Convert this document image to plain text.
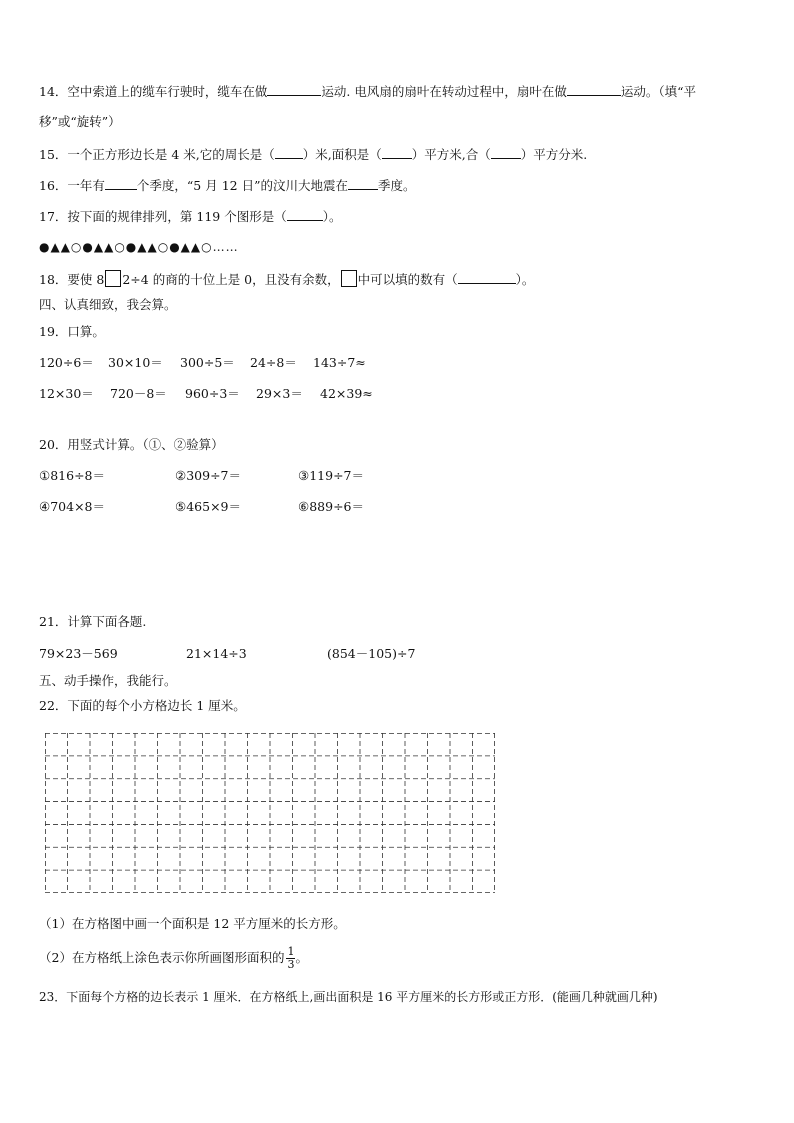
14．空中索道上的缆车行驶时，缆车在做	运动. 电风扇的扇叶在转动过程中，扇叶在做	运动。（填“平
移”或“旋转”）
15．一个正方形边长是 4 米,它的周长是（ ）米,面积是（ ）平方米,合（ ）平方分米.
16．一年有	个季度，“5 月 12 日”的汶川大地震在 季度。
17．按下面的规律排列，第 119 个图形是（	）。
●▲▲○●▲▲○●▲▲○●▲▲○……
18．要使 8 2÷4 的商的十位上是 0，且没有余数， 中可以填的数有（	）。
四、认真细致，我会算。
19．口算。
120÷6＝ 30×10＝ 300÷5＝ 24÷8＝ 143÷7≈
12×30＝ 720－8＝ 960÷3＝ 29×3＝ 42×39≈
20．用竖式计算。（①、②验算）
①816÷8＝	②309÷7＝	③119÷7＝
④704×8＝	⑤465×9＝	⑥889÷6＝
21．计算下面各题.
79×23－569	21×14÷3	(854－105)÷7
五、动手操作，我能行。
22．下面的每个小方格边长 1 厘米。
（1）在方格图中画一个面积是 12 平方厘米的长方形。
（2）在方格纸上涂色表示你所画图形面积的 $\frac{1}{3}$ 。
23．下面每个方格的边长表示 1 厘米．在方格纸上,画出面积是 16 平方厘米的长方形或正方形．(能画几种就画几种)
